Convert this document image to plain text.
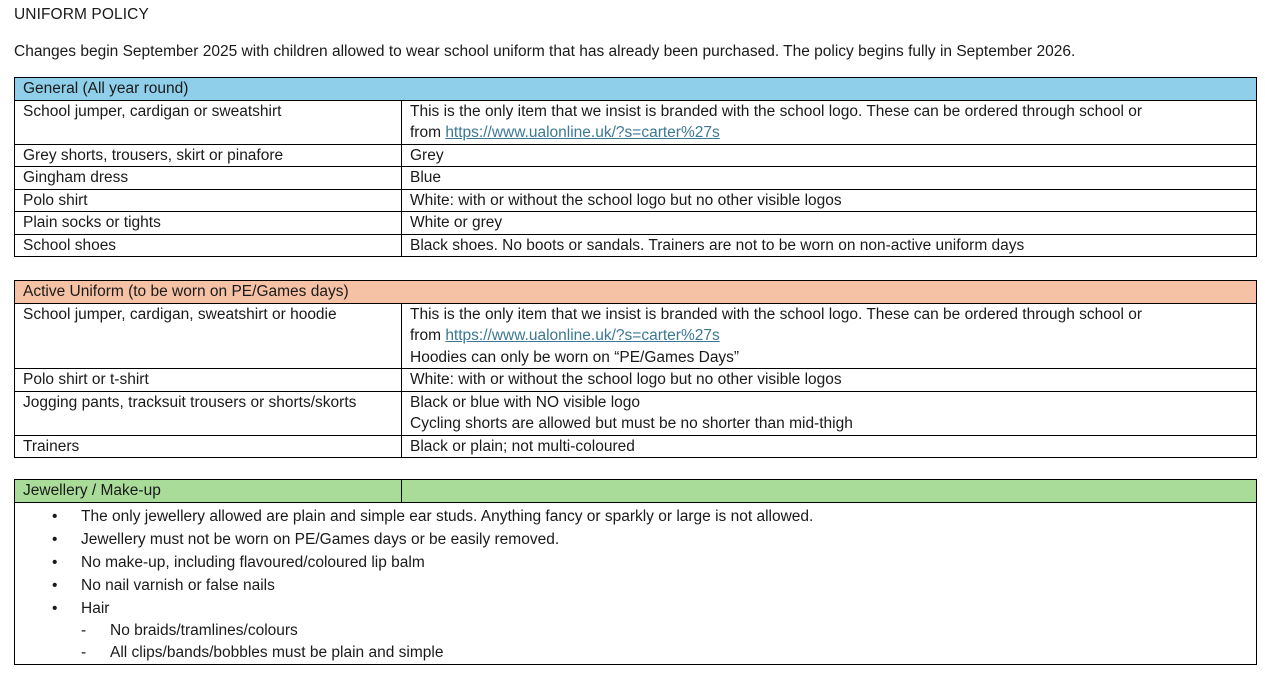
UNIFORM POLICY
Changes begin September 2025 with children allowed to wear school uniform that has already been purchased. The policy begins fully in September 2026.
General (All year round)	
School jumper, cardigan or sweatshirt	This is the only item that we insist is branded with the school logo. These can be ordered through school or
from https://www.ualonline.uk/?s=carter%27s
Grey shorts, trousers, skirt or pinafore	Grey
Gingham dress	Blue
Polo shirt	White: with or without the school logo but no other visible logos
Plain socks or tights	White or grey
School shoes	Black shoes. No boots or sandals. Trainers are not to be worn on non-active uniform days
Active Uniform (to be worn on PE/Games days)	
School jumper, cardigan, sweatshirt or hoodie	This is the only item that we insist is branded with the school logo. These can be ordered through school or
from https://www.ualonline.uk/?s=carter%27s
Hoodies can only be worn on “PE/Games Days”
Polo shirt or t-shirt	White: with or without the school logo but no other visible logos
Jogging pants, tracksuit trousers or shorts/skorts	Black or blue with NO visible logo
Cycling shorts are allowed but must be no shorter than mid-thigh
Trainers	Black or plain; not multi-coloured
Jewellery / Make-up	

• The only jewellery allowed are plain and simple ear studs. Anything fancy or sparkly or large is not allowed.
• Jewellery must not be worn on PE/Games days or be easily removed.
• No make-up, including flavoured/coloured lip balm
• No nail varnish or false nails
• Hair
- No braids/tramlines/colours
- All clips/bands/bobbles must be plain and simple
